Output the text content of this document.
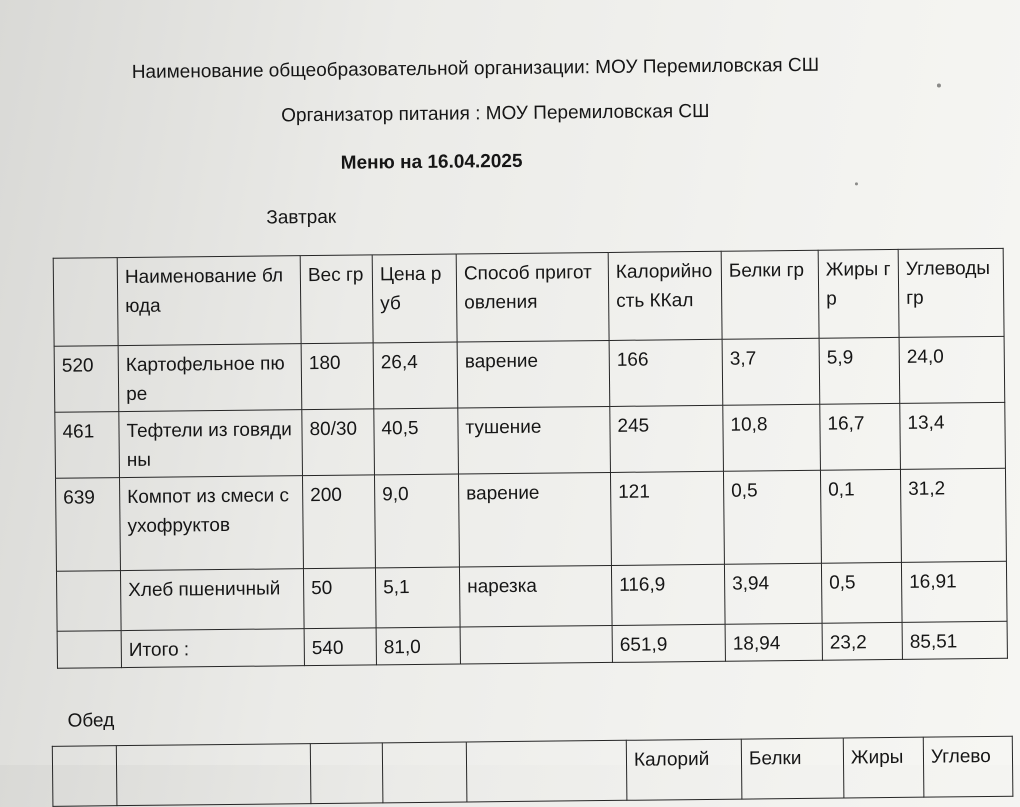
Наименование общеобразовательной организации: МОУ Перемиловская СШ
Организатор питания : МОУ Перемиловская СШ
Меню на 16.04.2025
Завтрак
	Наименование блюда	Вес гр	Цена руб	Способ приготовления	Калорийность ККал	Белки гр	Жиры гр	Углеводы гр
520	Картофельное пюре	180	26,4	варение	166	3,7	5,9	24,0
461	Тефтели из говядины	80/30	40,5	тушение	245	10,8	16,7	13,4
639	Компот из смеси сухофруктов	200	9,0	варение	121	0,5	0,1	31,2
	Хлеб пшеничный	50	5,1	нарезка	116,9	3,94	0,5	16,91
	Итого :	540	81,0		651,9	18,94	23,2	85,51
Обед
					Калорий	Белки	Жиры	Углево
